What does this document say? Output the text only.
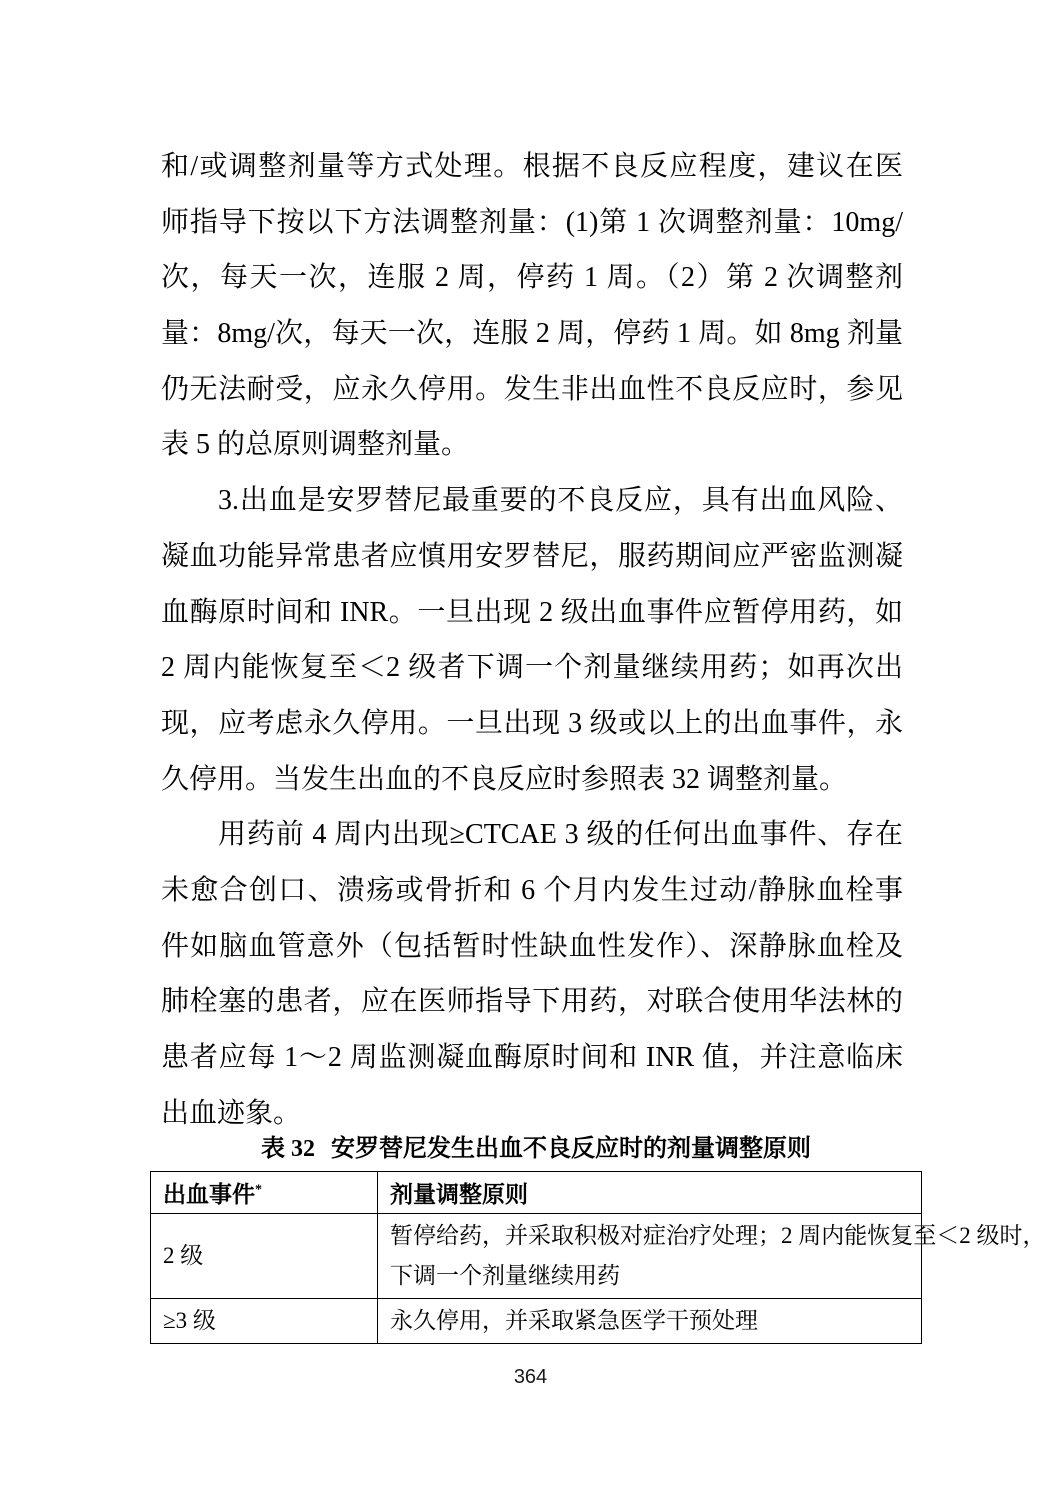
和/或调整剂量等方式处理。根据不良反应程度，建议在医
师指导下按以下方法调整剂量：(1)第 1 次调整剂量：10mg/
次，每天一次，连服 2 周，停药 1 周。（2）第 2 次调整剂
量：8mg/次，每天一次，连服 2 周，停药 1 周。如 8mg 剂量
仍无法耐受，应永久停用。发生非出血性不良反应时，参见
表 5 的总原则调整剂量。
3.出血是安罗替尼最重要的不良反应，具有出血风险、
凝血功能异常患者应慎用安罗替尼，服药期间应严密监测凝
血酶原时间和 INR。一旦出现 2 级出血事件应暂停用药，如
2 周内能恢复至＜2 级者下调一个剂量继续用药；如再次出
现，应考虑永久停用。一旦出现 3 级或以上的出血事件，永
久停用。当发生出血的不良反应时参照表 32 调整剂量。
用药前 4 周内出现≥CTCAE 3 级的任何出血事件、存在
未愈合创口、溃疡或骨折和 6 个月内发生过动/静脉血栓事
件如脑血管意外（包括暂时性缺血性发作）、深静脉血栓及
肺栓塞的患者，应在医师指导下用药，对联合使用华法林的
患者应每 1～2 周监测凝血酶原时间和 INR 值，并注意临床
出血迹象。
表 32 安罗替尼发生出血不良反应时的剂量调整原则
出血事件*	剂量调整原则

2 级	暂停给药，并采取积极对症治疗处理；2 周内能恢复至＜2 级时，
下调一个剂量继续用药

≥3 级	永久停用，并采取紧急医学干预处理
364
